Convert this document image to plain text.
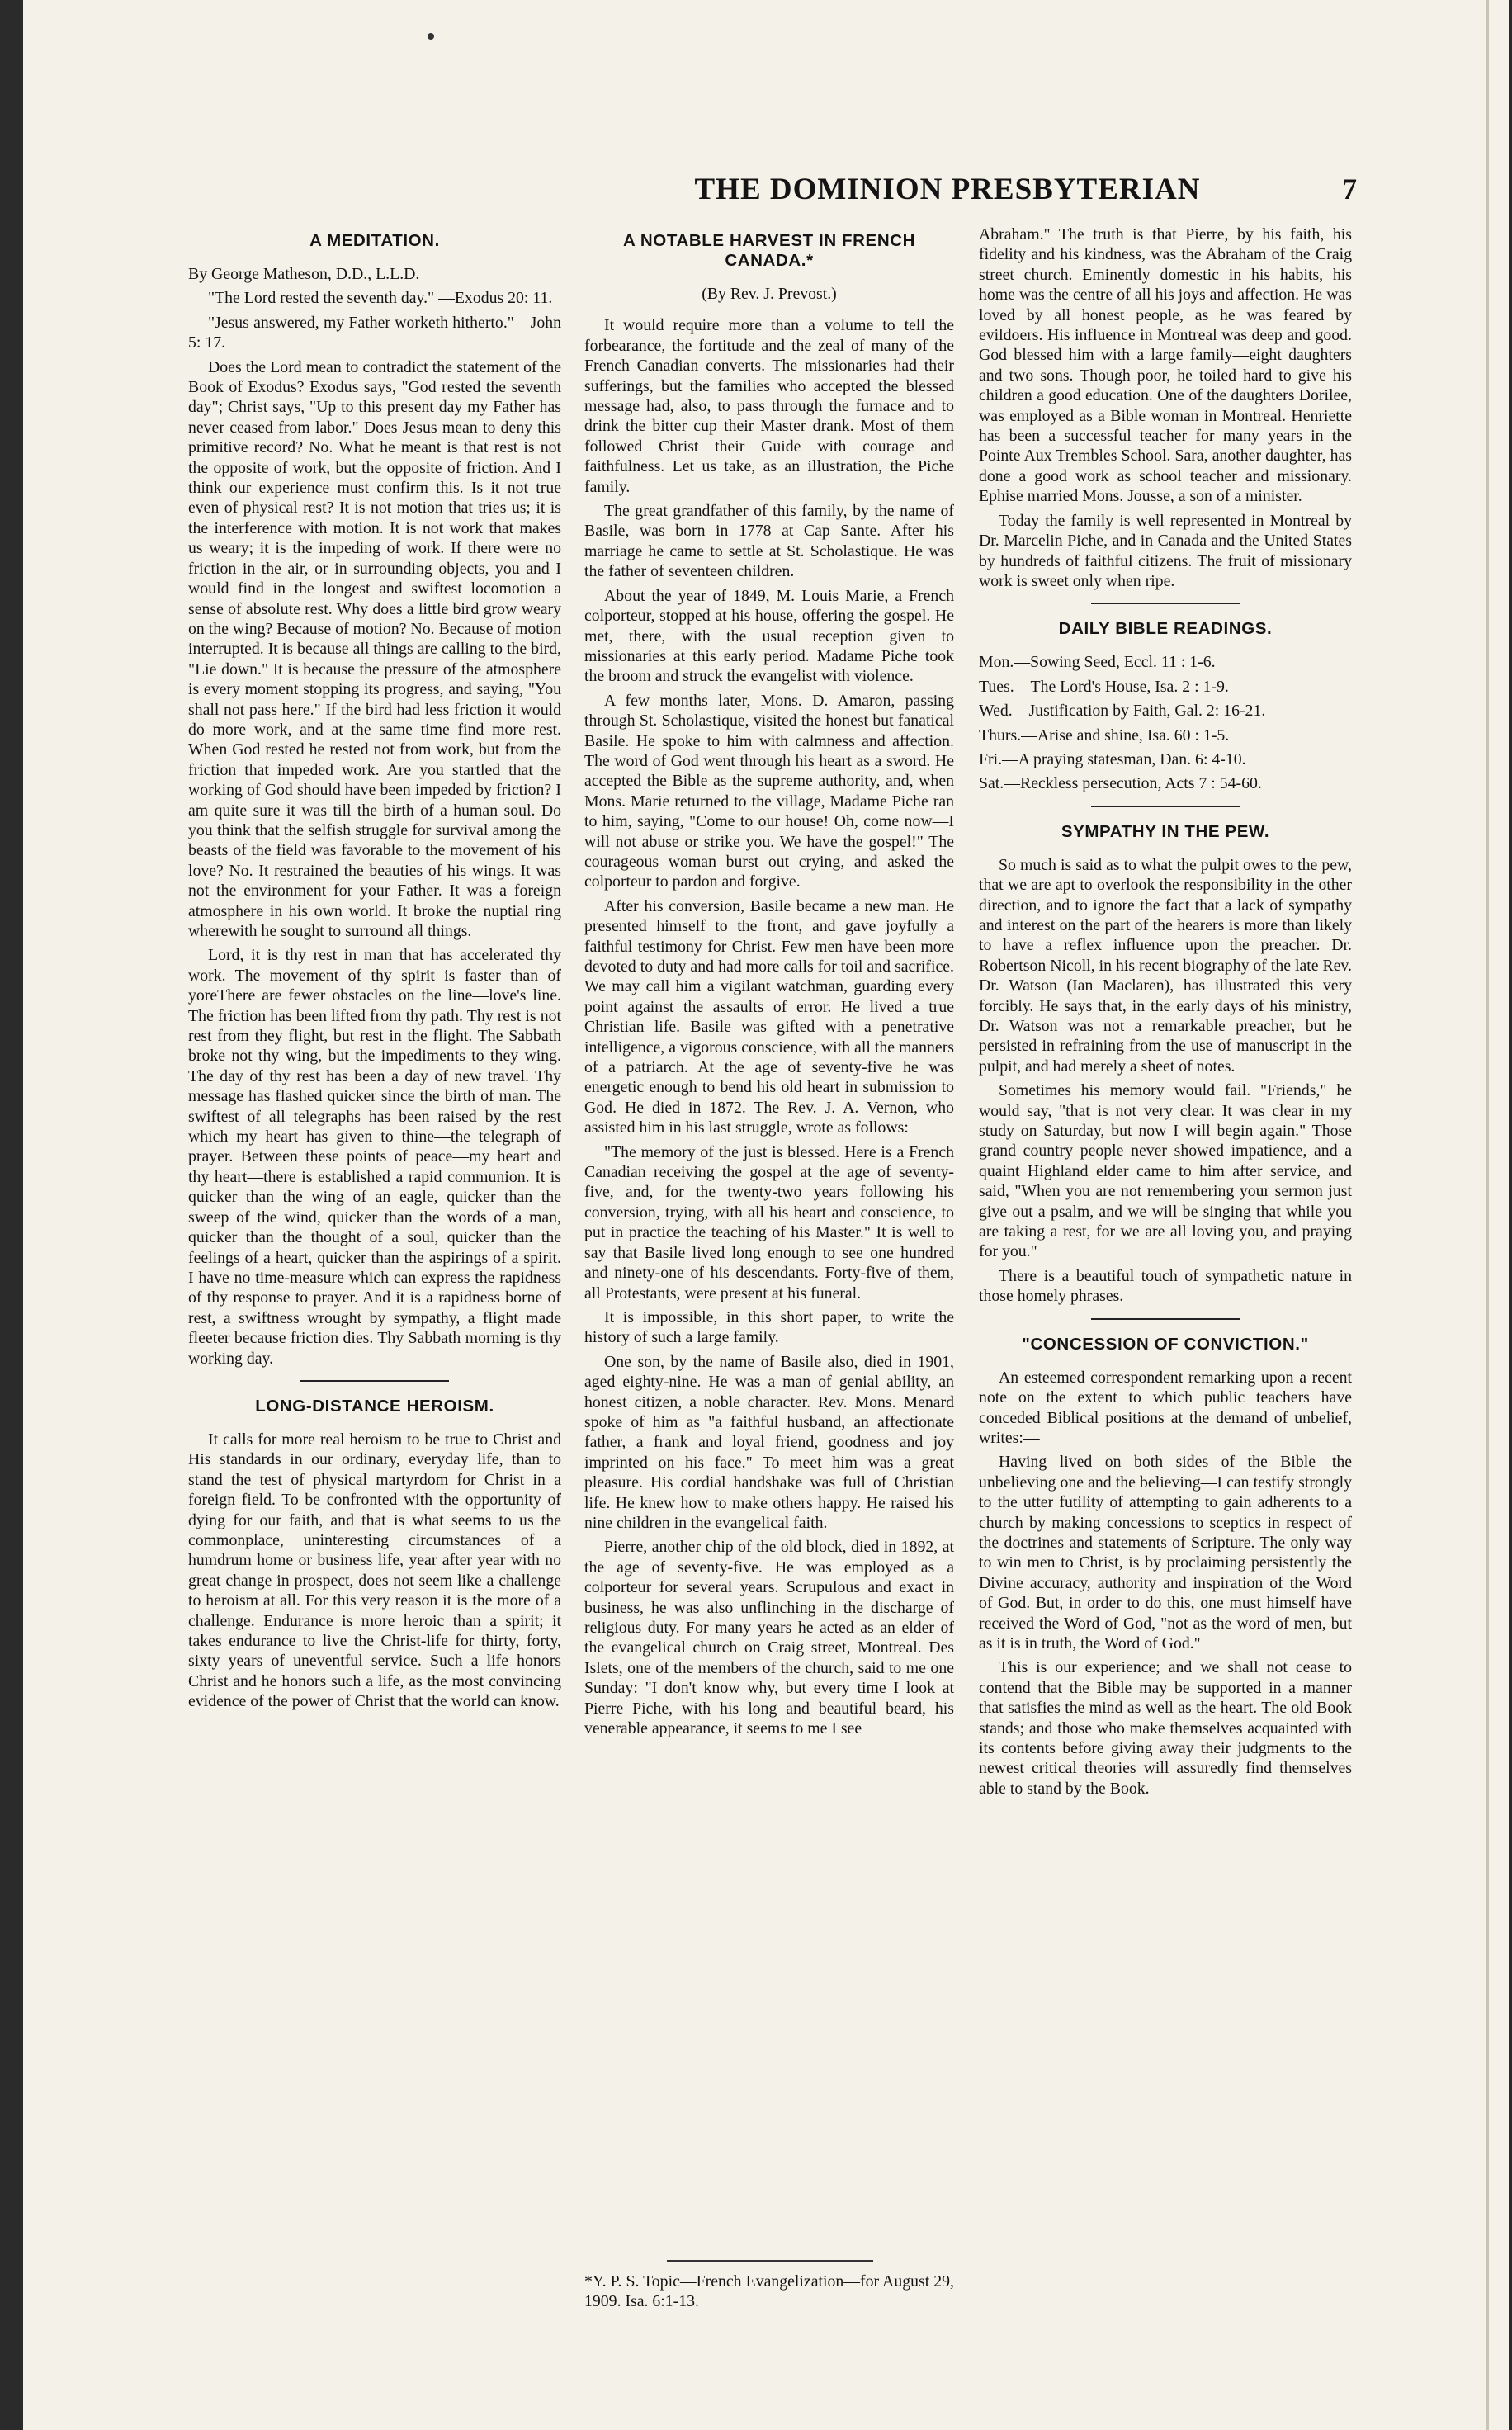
THE DOMINION PRESBYTERIAN	7
A MEDITATION.

By George Matheson, D.D., L.L.D.

"The Lord rested the seventh day." —Exodus 20: 11.

"Jesus answered, my Father worketh hitherto."—John 5: 17.

Does the Lord mean to contradict the statement of the Book of Exodus? Exodus says, "God rested the seventh day"; Christ says, "Up to this present day my Father has never ceased from labor." Does Jesus mean to deny this primitive record? No. What he meant is that rest is not the opposite of work, but the opposite of friction. And I think our experience must confirm this. Is it not true even of physical rest? It is not motion that tries us; it is the interference with motion. It is not work that makes us weary; it is the impeding of work. If there were no friction in the air, or in surrounding objects, you and I would find in the longest and swiftest locomotion a sense of absolute rest. Why does a little bird grow weary on the wing? Because of motion? No. Because of motion interrupted. It is because all things are calling to the bird, "Lie down." It is because the pressure of the atmosphere is every moment stopping its progress, and saying, "You shall not pass here." If the bird had less friction it would do more work, and at the same time find more rest. When God rested he rested not from work, but from the friction that impeded work. Are you startled that the working of God should have been impeded by friction? I am quite sure it was till the birth of a human soul. Do you think that the selfish struggle for survival among the beasts of the field was favorable to the movement of his love? No. It restrained the beauties of his wings. It was not the environment for your Father. It was a foreign atmosphere in his own world. It broke the nuptial ring wherewith he sought to surround all things.

Lord, it is thy rest in man that has accelerated thy work. The movement of thy spirit is faster than of yoreThere are fewer obstacles on the line—love's line. The friction has been lifted from thy path. Thy rest is not rest from they flight, but rest in the flight. The Sabbath broke not thy wing, but the impediments to they wing. The day of thy rest has been a day of new travel. Thy message has flashed quicker since the birth of man. The swiftest of all telegraphs has been raised by the rest which my heart has given to thine—the telegraph of prayer. Between these points of peace—my heart and thy heart—there is established a rapid communion. It is quicker than the wing of an eagle, quicker than the sweep of the wind, quicker than the words of a man, quicker than the thought of a soul, quicker than the feelings of a heart, quicker than the aspirings of a spirit. I have no time-measure which can express the rapidness of thy response to prayer. And it is a rapidness borne of rest, a swiftness wrought by sympathy, a flight made fleeter because friction dies. Thy Sabbath morning is thy working day.

LONG-DISTANCE HEROISM.

It calls for more real heroism to be true to Christ and His standards in our ordinary, everyday life, than to stand the test of physical martyrdom for Christ in a foreign field. To be confronted with the opportunity of dying for our faith, and that is what seems to us the commonplace, uninteresting circumstances of a humdrum home or business life, year after year with no great change in prospect, does not seem like a challenge to heroism at all. For this very reason it is the more of a challenge. Endurance is more heroic than a spirit; it takes endurance to live the Christ-life for thirty, forty, sixty years of uneventful service. Such a life honors Christ and he honors such a life, as the most convincing evidence of the power of Christ that the world can know.

A NOTABLE HARVEST IN FRENCH CANADA.*

(By Rev. J. Prevost.)

It would require more than a volume to tell the forbearance, the fortitude and the zeal of many of the French Canadian converts. The missionaries had their sufferings, but the families who accepted the blessed message had, also, to pass through the furnace and to drink the bitter cup their Master drank. Most of them followed Christ their Guide with courage and faithfulness. Let us take, as an illustration, the Piche family.

The great grandfather of this family, by the name of Basile, was born in 1778 at Cap Sante. After his marriage he came to settle at St. Scholastique. He was the father of seventeen children.

About the year of 1849, M. Louis Marie, a French colporteur, stopped at his house, offering the gospel. He met, there, with the usual reception given to missionaries at this early period. Madame Piche took the broom and struck the evangelist with violence.

A few months later, Mons. D. Amaron, passing through St. Scholastique, visited the honest but fanatical Basile. He spoke to him with calmness and affection. The word of God went through his heart as a sword. He accepted the Bible as the supreme authority, and, when Mons. Marie returned to the village, Madame Piche ran to him, saying, "Come to our house! Oh, come now—I will not abuse or strike you. We have the gospel!" The courageous woman burst out crying, and asked the colporteur to pardon and forgive.

After his conversion, Basile became a new man. He presented himself to the front, and gave joyfully a faithful testimony for Christ. Few men have been more devoted to duty and had more calls for toil and sacrifice. We may call him a vigilant watchman, guarding every point against the assaults of error. He lived a true Christian life. Basile was gifted with a penetrative intelligence, a vigorous conscience, with all the manners of a patriarch. At the age of seventy-five he was energetic enough to bend his old heart in submission to God. He died in 1872. The Rev. J. A. Vernon, who assisted him in his last struggle, wrote as follows:

"The memory of the just is blessed. Here is a French Canadian receiving the gospel at the age of seventy-five, and, for the twenty-two years following his conversion, trying, with all his heart and conscience, to put in practice the teaching of his Master." It is well to say that Basile lived long enough to see one hundred and ninety-one of his descendants. Forty-five of them, all Protestants, were present at his funeral.

It is impossible, in this short paper, to write the history of such a large family.

One son, by the name of Basile also, died in 1901, aged eighty-nine. He was a man of genial ability, an honest citizen, a noble character. Rev. Mons. Menard spoke of him as "a faithful husband, an affectionate father, a frank and loyal friend, goodness and joy imprinted on his face." To meet him was a great pleasure. His cordial handshake was full of Christian life. He knew how to make others happy. He raised his nine children in the evangelical faith.

Pierre, another chip of the old block, died in 1892, at the age of seventy-five. He was employed as a colporteur for several years. Scrupulous and exact in business, he was also unflinching in the discharge of religious duty. For many years he acted as an elder of the evangelical church on Craig street, Montreal. Des Islets, one of the members of the church, said to me one Sunday: "I don't know why, but every time I look at Pierre Piche, with his long and beautiful beard, his venerable appearance, it seems to me I see

*Y. P. S. Topic—French Evangelization—for August 29, 1909. Isa. 6:1-13.

Abraham." The truth is that Pierre, by his faith, his fidelity and his kindness, was the Abraham of the Craig street church. Eminently domestic in his habits, his home was the centre of all his joys and affection. He was loved by all honest people, as he was feared by evildoers. His influence in Montreal was deep and good. God blessed him with a large family—eight daughters and two sons. Though poor, he toiled hard to give his children a good education. One of the daughters Dorilee, was employed as a Bible woman in Montreal. Henriette has been a successful teacher for many years in the Pointe Aux Trembles School. Sara, another daughter, has done a good work as school teacher and missionary. Ephise married Mons. Jousse, a son of a minister.

Today the family is well represented in Montreal by Dr. Marcelin Piche, and in Canada and the United States by hundreds of faithful citizens. The fruit of missionary work is sweet only when ripe.

DAILY BIBLE READINGS.

Mon.—Sowing Seed, Eccl. 11 : 1-6.

Tues.—The Lord's House, Isa. 2 : 1-9.

Wed.—Justification by Faith, Gal. 2: 16-21.

Thurs.—Arise and shine, Isa. 60 : 1-5.

Fri.—A praying statesman, Dan. 6: 4-10.

Sat.—Reckless persecution, Acts 7 : 54-60.

SYMPATHY IN THE PEW.

So much is said as to what the pulpit owes to the pew, that we are apt to overlook the responsibility in the other direction, and to ignore the fact that a lack of sympathy and interest on the part of the hearers is more than likely to have a reflex influence upon the preacher. Dr. Robertson Nicoll, in his recent biography of the late Rev. Dr. Watson (Ian Maclaren), has illustrated this very forcibly. He says that, in the early days of his ministry, Dr. Watson was not a remarkable preacher, but he persisted in refraining from the use of manuscript in the pulpit, and had merely a sheet of notes.

Sometimes his memory would fail. "Friends," he would say, "that is not very clear. It was clear in my study on Saturday, but now I will begin again." Those grand country people never showed impatience, and a quaint Highland elder came to him after service, and said, "When you are not remembering your sermon just give out a psalm, and we will be singing that while you are taking a rest, for we are all loving you, and praying for you."

There is a beautiful touch of sympathetic nature in those homely phrases.

"CONCESSION OF CONVICTION."

An esteemed correspondent remarking upon a recent note on the extent to which public teachers have conceded Biblical positions at the demand of unbelief, writes:—

Having lived on both sides of the Bible—the unbelieving one and the believing—I can testify strongly to the utter futility of attempting to gain adherents to a church by making concessions to sceptics in respect of the doctrines and statements of Scripture. The only way to win men to Christ, is by proclaiming persistently the Divine accuracy, authority and inspiration of the Word of God. But, in order to do this, one must himself have received the Word of God, "not as the word of men, but as it is in truth, the Word of God."

This is our experience; and we shall not cease to contend that the Bible may be supported in a manner that satisfies the mind as well as the heart. The old Book stands; and those who make themselves acquainted with its contents before giving away their judgments to the newest critical theories will assuredly find themselves able to stand by the Book.
